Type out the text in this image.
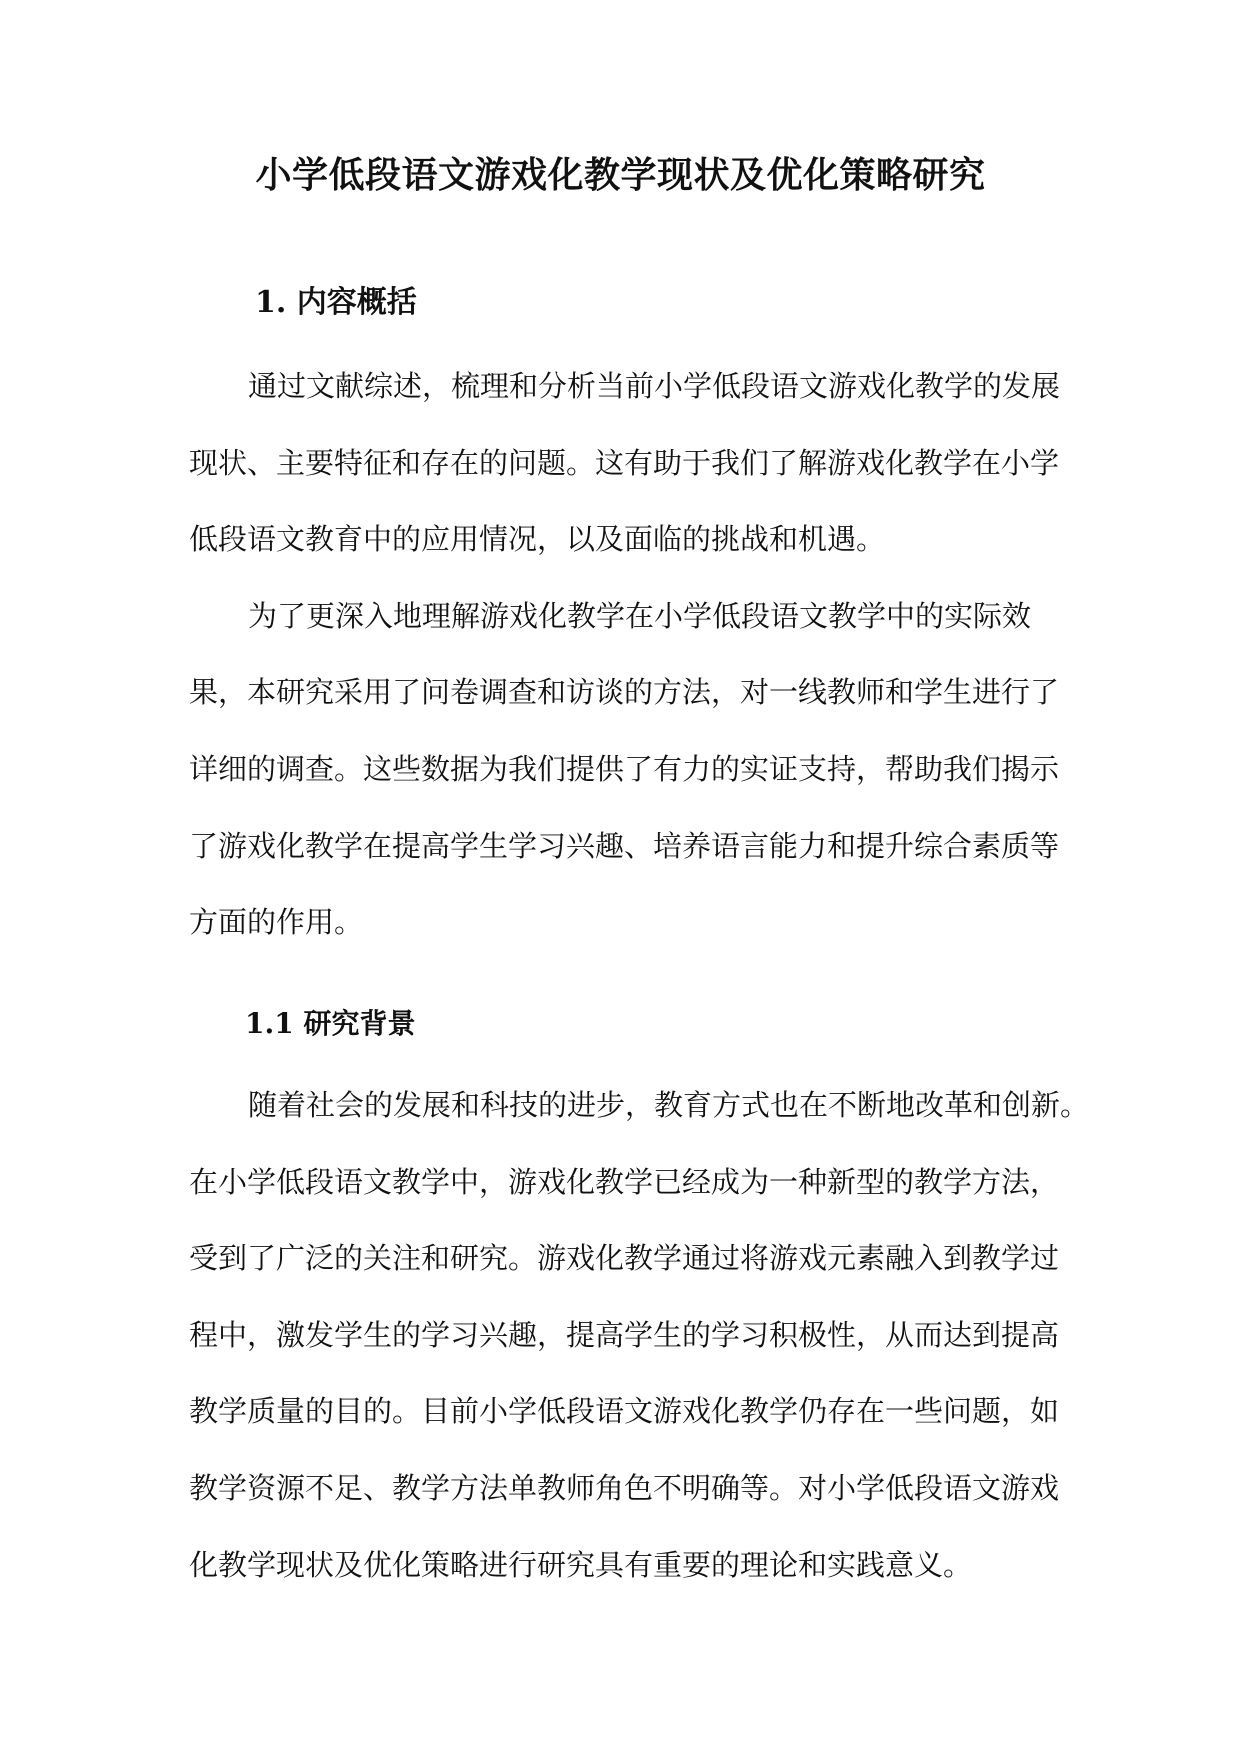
小学低段语文游戏化教学现状及优化策略研究
1. 内容概括
通过文献综述，梳理和分析当前小学低段语文游戏化教学的发展
现状、主要特征和存在的问题。这有助于我们了解游戏化教学在小学
低段语文教育中的应用情况，以及面临的挑战和机遇。
为了更深入地理解游戏化教学在小学低段语文教学中的实际效
果，本研究采用了问卷调查和访谈的方法，对一线教师和学生进行了
详细的调查。这些数据为我们提供了有力的实证支持，帮助我们揭示
了游戏化教学在提高学生学习兴趣、培养语言能力和提升综合素质等
方面的作用。
1.1 研究背景
随着社会的发展和科技的进步，教育方式也在不断地改革和创新。
在小学低段语文教学中，游戏化教学已经成为一种新型的教学方法，
受到了广泛的关注和研究。游戏化教学通过将游戏元素融入到教学过
程中，激发学生的学习兴趣，提高学生的学习积极性，从而达到提高
教学质量的目的。目前小学低段语文游戏化教学仍存在一些问题，如
教学资源不足、教学方法单教师角色不明确等。对小学低段语文游戏
化教学现状及优化策略进行研究具有重要的理论和实践意义。
